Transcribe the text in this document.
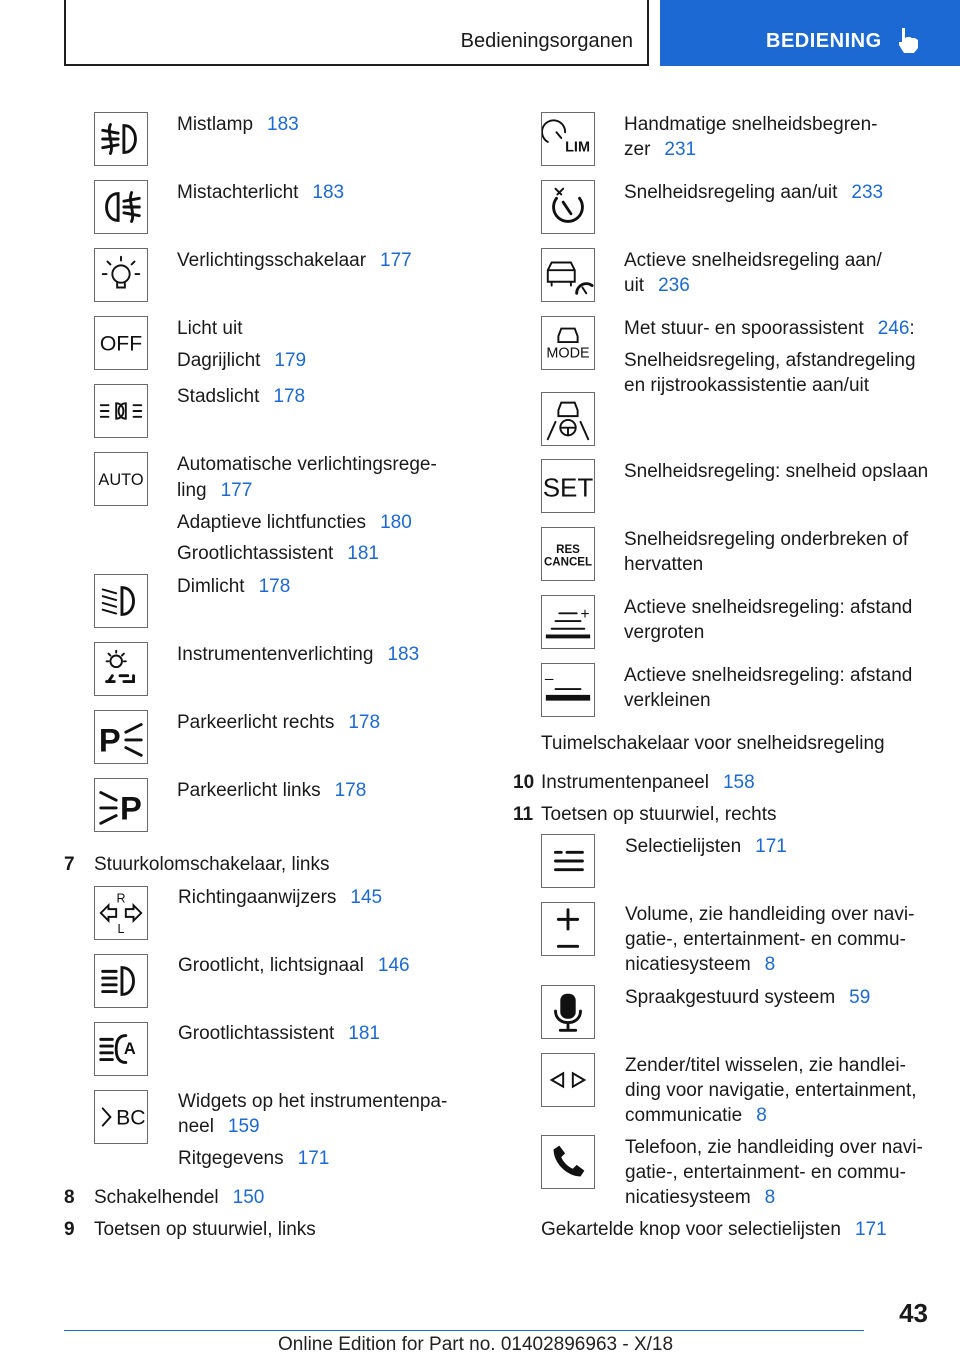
Bedieningsorganen	BEDIENING
OFF
AUTO
P
P
R
L
A
BC
Mistlamp 183
Mistachterlicht 183
Verlichtingsschakelaar 177
Licht uit
Dagrijlicht 179
Stadslicht 178
Automatische verlichtingsrege-
ling 177
Adaptieve lichtfuncties 180
Grootlichtassistent 181
Dimlicht 178
Instrumentenverlichting 183
Parkeerlicht rechts 178
Parkeerlicht links 178
7 Stuurkolomschakelaar, links
Richtingaanwijzers 145
Grootlicht, lichtsignaal 146
Grootlichtassistent 181
Widgets op het instrumentenpa-
neel 159
Ritgegevens 171
8 Schakelhendel 150
9 Toetsen op stuurwiel, links
LIM
MODE
SET
RES
CANCEL
+
–
Handmatige snelheidsbegren-
zer 231
Snelheidsregeling aan/uit 233
Actieve snelheidsregeling aan/
uit 236
Met stuur- en spoorassistent 246:
Snelheidsregeling, afstandregeling
en rijstrookassistentie aan/uit
Snelheidsregeling: snelheid opslaan
Snelheidsregeling onderbreken of
hervatten
Actieve snelheidsregeling: afstand
vergroten
Actieve snelheidsregeling: afstand
verkleinen
Tuimelschakelaar voor snelheidsregeling
10 Instrumentenpaneel 158
11 Toetsen op stuurwiel, rechts
Selectielijsten 171
Volume, zie handleiding over navi-
gatie-, entertainment- en commu-
nicatiesysteem 8
Spraakgestuurd systeem 59
Zender/titel wisselen, zie handlei-
ding voor navigatie, entertainment,
communicatie 8
Telefoon, zie handleiding over navi-
gatie-, entertainment- en commu-
nicatiesysteem 8
Gekartelde knop voor selectielijsten 171
43
Online Edition for Part no. 01402896963 - X/18
